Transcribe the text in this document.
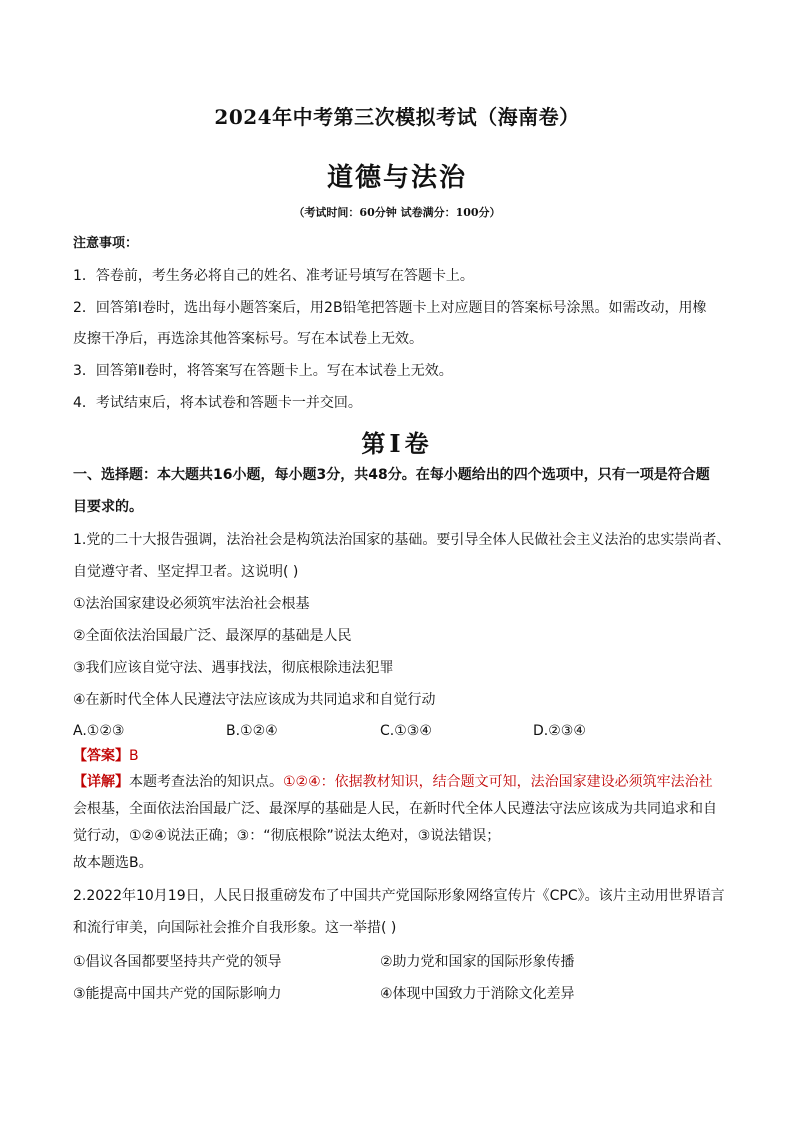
2024年中考第三次模拟考试（海南卷）
道德与法治
（考试时间：60分钟 试卷满分：100分）
注意事项：
1．答卷前，考生务必将自己的姓名、准考证号填写在答题卡上。
2．回答第Ⅰ卷时，选出每小题答案后，用2B铅笔把答题卡上对应题目的答案标号涂黑。如需改动，用橡
皮擦干净后，再选涂其他答案标号。写在本试卷上无效。
3．回答第Ⅱ卷时，将答案写在答题卡上。写在本试卷上无效。
4．考试结束后，将本试卷和答题卡一并交回。
第Ⅰ卷
一、选择题：本大题共16小题，每小题3分，共48分。在每小题给出的四个选项中，只有一项是符合题
目要求的。
1.党的二十大报告强调，法治社会是构筑法治国家的基础。要引导全体人民做社会主义法治的忠实崇尚者、
自觉遵守者、坚定捍卫者。这说明( )
①法治国家建设必须筑牢法治社会根基
②全面依法治国最广泛、最深厚的基础是人民
③我们应该自觉守法、遇事找法，彻底根除违法犯罪
④在新时代全体人民遵法守法应该成为共同追求和自觉行动
A.①②③	B.①②④	C.①③④	D.②③④
【答案】B
【详解】本题考查法治的知识点。①②④：依据教材知识，结合题文可知，法治国家建设必须筑牢法治社
会根基，全面依法治国最广泛、最深厚的基础是人民，在新时代全体人民遵法守法应该成为共同追求和自
觉行动，①②④说法正确；③：“彻底根除”说法太绝对，③说法错误；
故本题选B。
2.2022年10月19日，人民日报重磅发布了中国共产党国际形象网络宣传片《CPC》。该片主动用世界语言
和流行审美，向国际社会推介自我形象。这一举措( )
①倡议各国都要坚持共产党的领导	②助力党和国家的国际形象传播
③能提高中国共产党的国际影响力	④体现中国致力于消除文化差异
